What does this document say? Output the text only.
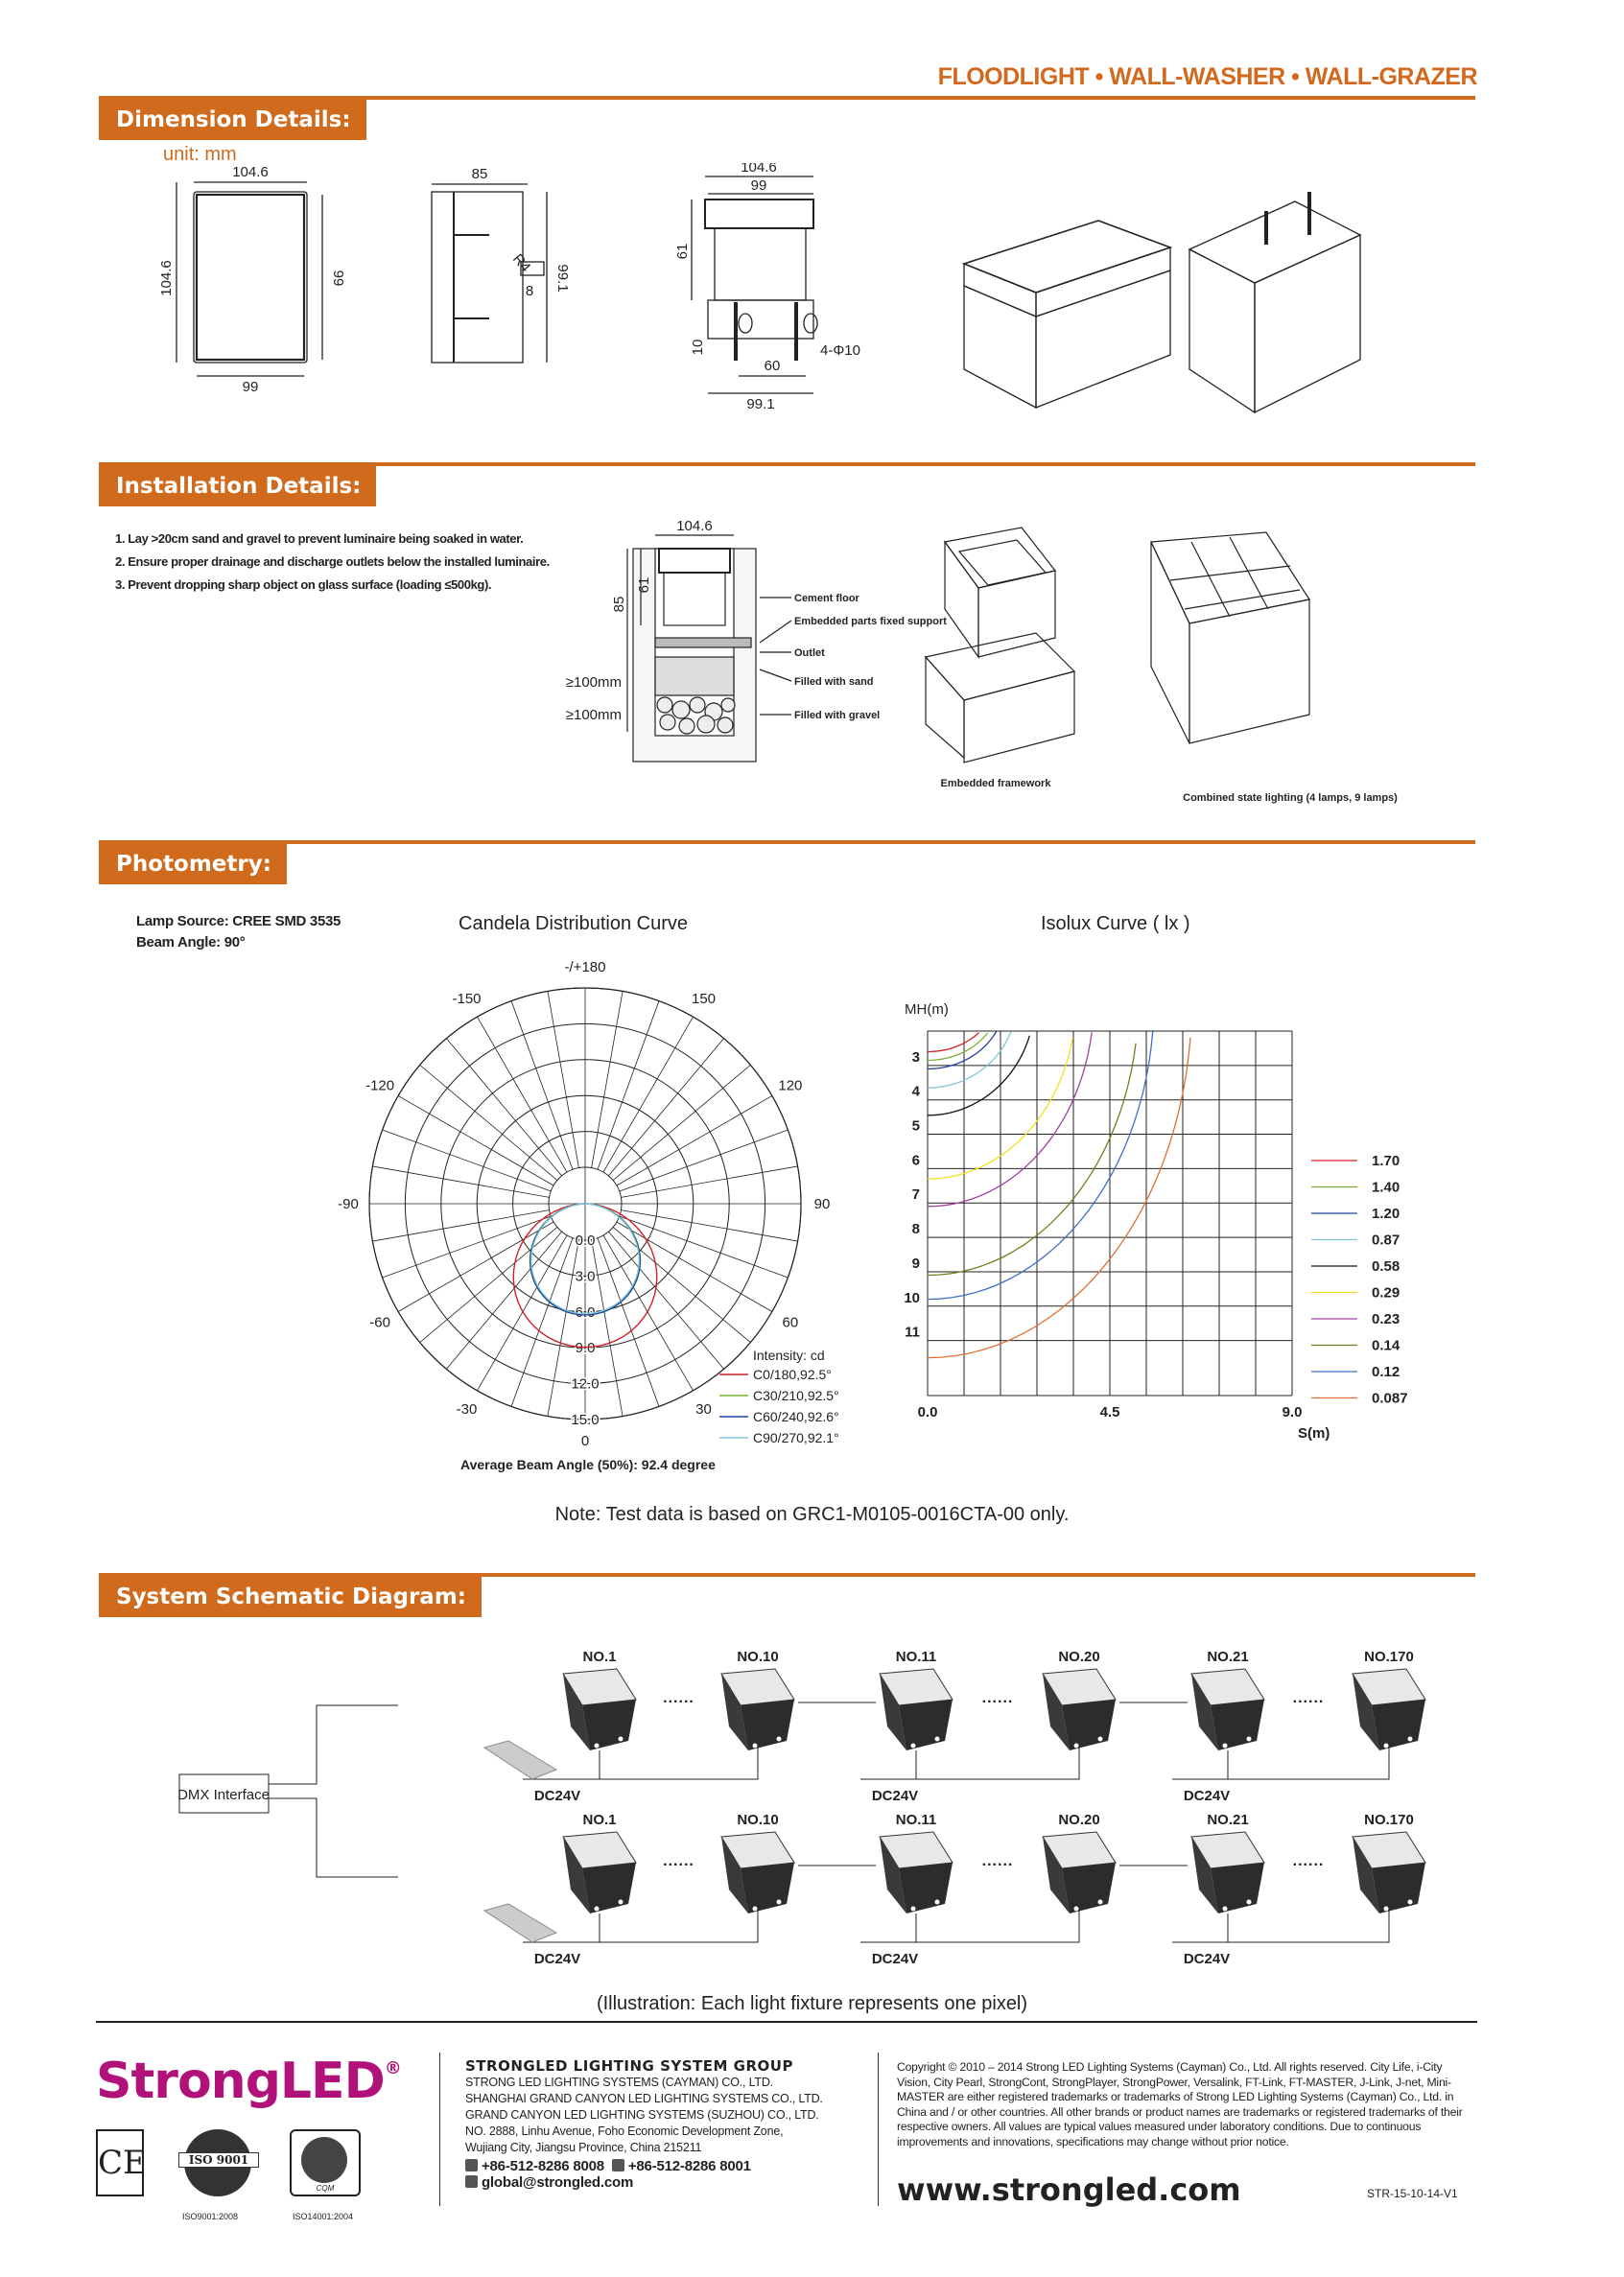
FLOODLIGHT • WALL-WASHER • WALL-GRAZER
Dimension Details:
unit: mm
104.6
99
104.6	99
85
99.1
R4
8
104.6
99
61
10
60
99.1
4-Φ10
Installation Details:
1. Lay >20cm sand and gravel to prevent luminaire being soaked in water.
2. Ensure proper drainage and discharge outlets below the installed luminaire.
3. Prevent dropping sharp object on glass surface (loading ≤500kg).
104.6
85
61
≥100mm
≥100mm
Cement floor
Embedded parts fixed support
Outlet
Filled with sand
Filled with gravel
Embedded framework
Combined state lighting (4 lamps, 9 lamps)
Photometry:
Lamp Source: CREE SMD 3535
Beam Angle: 90°
Candela Distribution Curve	Isolux Curve ( lx )
-/+180
-150	150
-120	120
-90	90
-60	60
-30	30
0
0.0
3.0
6.0
9.0
12.0
15.0
Intensity: cd
C0/180,92.5°
C30/210,92.5°
C60/240,92.6°
C90/270,92.1°
Average Beam Angle (50%): 92.4 degree
3
4
5
6
7
8
9
10
11
MH(m)
0.0	4.5	9.0
S(m)
1.70
1.40
1.20
0.87
0.58
0.29
0.23
0.14
0.12
0.087
Note: Test data is based on GRC1-M0105-0016CTA-00 only.
System Schematic Diagram:
DMX Interface
NO.1	NO.10	NO.11	NO.20	NO.21	NO.170
......	......	......
DC24V	DC24V	DC24V
NO.1	NO.10	NO.11	NO.20	NO.21	NO.170
......	......	......
DC24V	DC24V	DC24V
(Illustration: Each light fixture represents one pixel)
StrongLED®
CE	ISO 9001
ISO9001:2008
CQM
ISO14001:2004
STRONGLED LIGHTING SYSTEM GROUP
STRONG LED LIGHTING SYSTEMS (CAYMAN) CO., LTD.
SHANGHAI GRAND CANYON LED LIGHTING SYSTEMS CO., LTD.
GRAND CANYON LED LIGHTING SYSTEMS (SUZHOU) CO., LTD.
NO. 2888, Linhu Avenue, Foho Economic Development Zone,
Wujiang City, Jiangsu Province, China 215211
+86-512-8286 8008 +86-512-8286 8001
global@strongled.com
Copyright © 2010 – 2014 Strong LED Lighting Systems (Cayman) Co., Ltd. All rights reserved. City Life, i-City Vision, City Pearl, StrongCont, StrongPlayer, StrongPower, Versalink, FT-Link, FT-MASTER, J-Link, J-net, Mini-MASTER are either registered trademarks or trademarks of Strong LED Lighting Systems (Cayman) Co., Ltd. in China and / or other countries. All other brands or product names are trademarks or registered trademarks of their respective owners. All values are typical values measured under laboratory conditions. Due to continuous improvements and innovations, specifications may change without prior notice.
www.strongled.com	STR-15-10-14-V1
